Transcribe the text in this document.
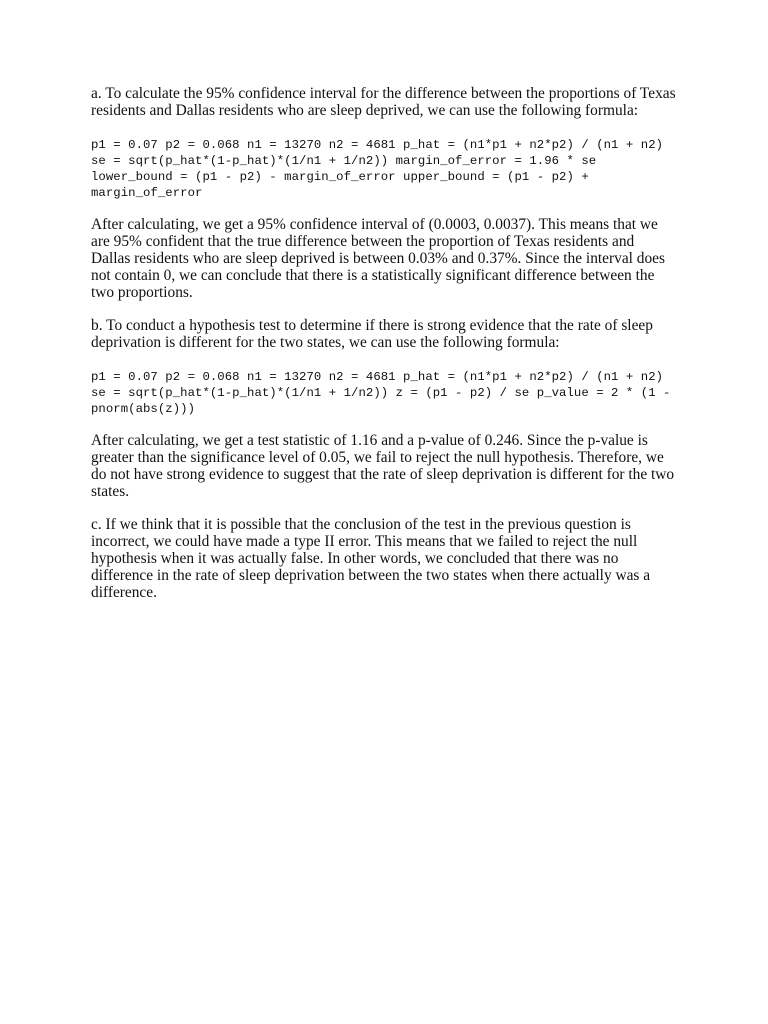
a. To calculate the 95% confidence interval for the difference between the proportions of Texas residents and Dallas residents who are sleep deprived, we can use the following formula:

p1 = 0.07 p2 = 0.068 n1 = 13270 n2 = 4681 p_hat = (n1*p1 + n2*p2) / (n1 + n2) se = sqrt(p_hat*(1-p_hat)*(1/n1 + 1/n2)) margin_of_error = 1.96 * se lower_bound = (p1 - p2) - margin_of_error upper_bound = (p1 - p2) + margin_of_error

After calculating, we get a 95% confidence interval of (0.0003, 0.0037). This means that we are 95% confident that the true difference between the proportion of Texas residents and Dallas residents who are sleep deprived is between 0.03% and 0.37%. Since the interval does not contain 0, we can conclude that there is a statistically significant difference between the two proportions.

b. To conduct a hypothesis test to determine if there is strong evidence that the rate of sleep deprivation is different for the two states, we can use the following formula:

p1 = 0.07 p2 = 0.068 n1 = 13270 n2 = 4681 p_hat = (n1*p1 + n2*p2) / (n1 + n2) se = sqrt(p_hat*(1-p_hat)*(1/n1 + 1/n2)) z = (p1 - p2) / se p_value = 2 * (1 - pnorm(abs(z)))

After calculating, we get a test statistic of 1.16 and a p-value of 0.246. Since the p-value is greater than the significance level of 0.05, we fail to reject the null hypothesis. Therefore, we do not have strong evidence to suggest that the rate of sleep deprivation is different for the two states.

c. If we think that it is possible that the conclusion of the test in the previous question is incorrect, we could have made a type II error. This means that we failed to reject the null hypothesis when it was actually false. In other words, we concluded that there was no difference in the rate of sleep deprivation between the two states when there actually was a difference.
